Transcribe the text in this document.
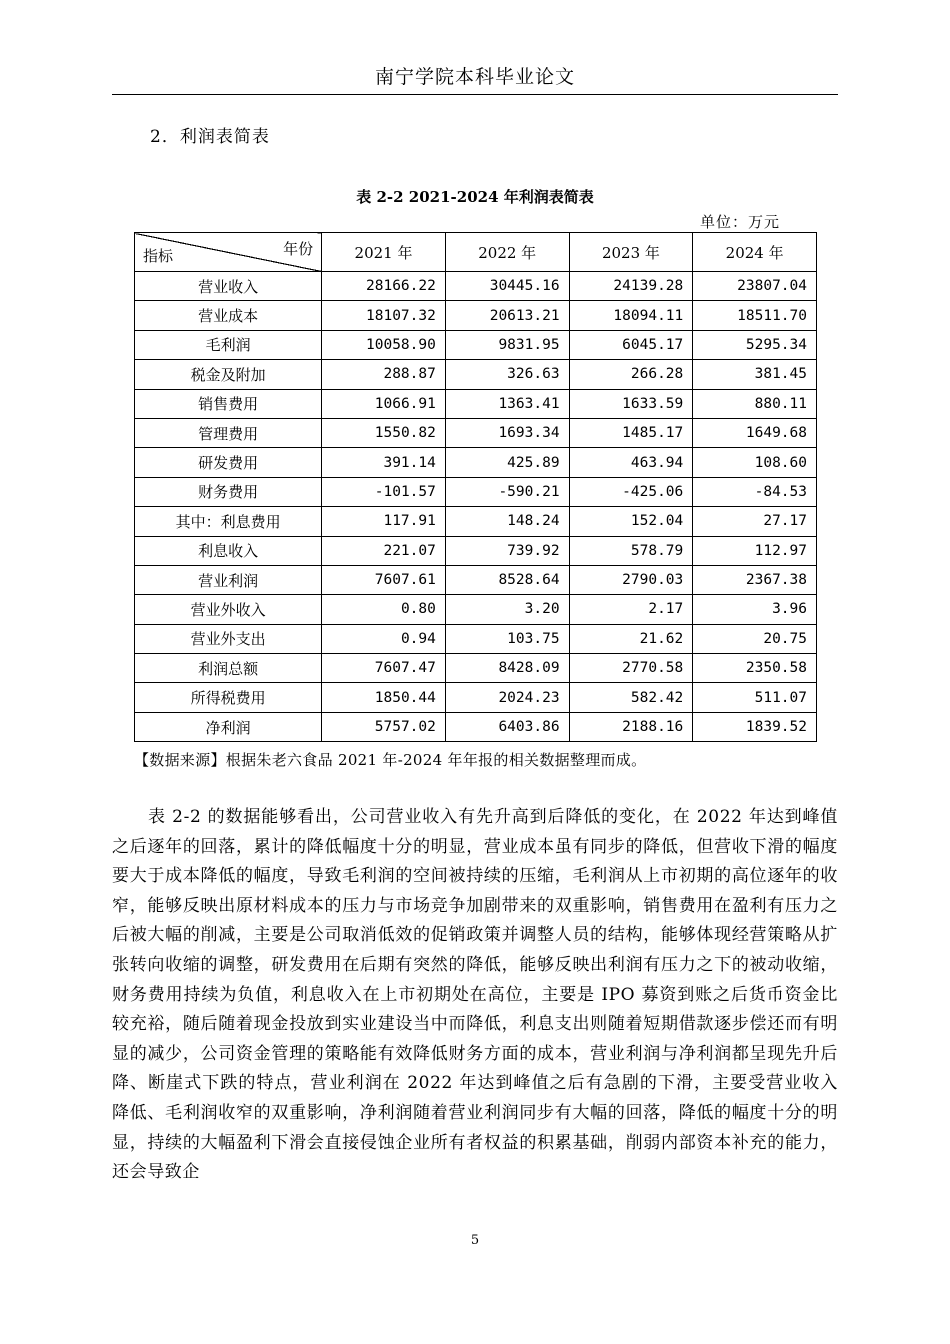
南宁学院本科毕业论文
2．利润表简表
表 2-2 2021-2024 年利润表简表
单位：万元
指标 年份	2021 年	2022 年	2023 年	2024 年
营业收入	28166.22	30445.16	24139.28	23807.04
营业成本	18107.32	20613.21	18094.11	18511.70
毛利润	10058.90	9831.95	6045.17	5295.34
税金及附加	288.87	326.63	266.28	381.45
销售费用	1066.91	1363.41	1633.59	880.11
管理费用	1550.82	1693.34	1485.17	1649.68
研发费用	391.14	425.89	463.94	108.60
财务费用	-101.57	-590.21	-425.06	-84.53
其中：利息费用	117.91	148.24	152.04	27.17
利息收入	221.07	739.92	578.79	112.97
营业利润	7607.61	8528.64	2790.03	2367.38
营业外收入	0.80	3.20	2.17	3.96
营业外支出	0.94	103.75	21.62	20.75
利润总额	7607.47	8428.09	2770.58	2350.58
所得税费用	1850.44	2024.23	582.42	511.07
净利润	5757.02	6403.86	2188.16	1839.52
【数据来源】根据朱老六食品 2021 年-2024 年年报的相关数据整理而成。
表 2-2 的数据能够看出，公司营业收入有先升高到后降低的变化，在 2022 年达到峰值之后逐年的回落，累计的降低幅度十分的明显，营业成本虽有同步的降低，但营收下滑的幅度要大于成本降低的幅度，导致毛利润的空间被持续的压缩，毛利润从上市初期的高位逐年的收窄，能够反映出原材料成本的压力与市场竞争加剧带来的双重影响，销售费用在盈利有压力之后被大幅的削减，主要是公司取消低效的促销政策并调整人员的结构，能够体现经营策略从扩张转向收缩的调整，研发费用在后期有突然的降低，能够反映出利润有压力之下的被动收缩，财务费用持续为负值，利息收入在上市初期处在高位，主要是 IPO 募资到账之后货币资金比较充裕，随后随着现金投放到实业建设当中而降低，利息支出则随着短期借款逐步偿还而有明显的减少，公司资金管理的策略能有效降低财务方面的成本，营业利润与净利润都呈现先升后降、断崖式下跌的特点，营业利润在 2022 年达到峰值之后有急剧的下滑，主要受营业收入降低、毛利润收窄的双重影响，净利润随着营业利润同步有大幅的回落，降低的幅度十分的明显，持续的大幅盈利下滑会直接侵蚀企业所有者权益的积累基础，削弱内部资本补充的能力，还会导致企
5
